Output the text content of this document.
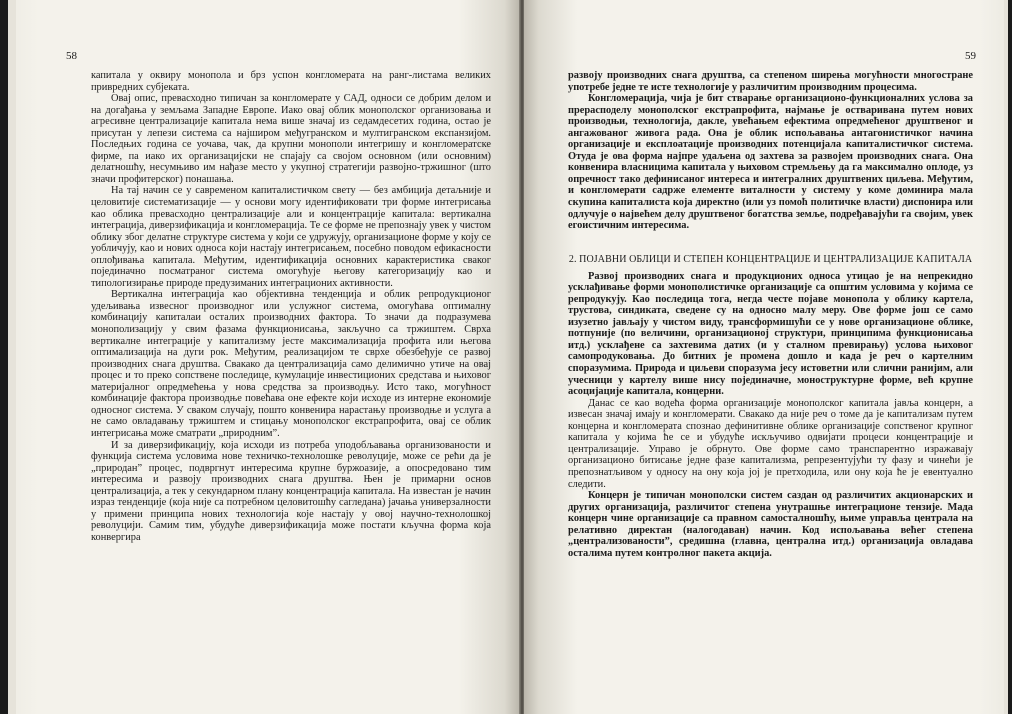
58

капитала у оквиру монопола и брз успон конгломерата на ранг-листама великих привредних субјеката.

Овај опис, превасходно типичан за конгломерате у САД, односи се добрим делом и на догађања у земљама Западне Европе. Иако овај облик монополског организовања и агресивне централизације капитала нема више значај из седамдесетих година, остао је присутан у лепези система са најширом међугранском и мултигранском експанзијом. Последњих година се уочава, чак, да крупни монополи интегришу и конгломератске фирме, па иако их организацијски не спајају са својом основном (или основним) делатношћу, несумњиво им нађазе место у укупној стратегији развојно-тржишног (што значи профитерског) понашања.

На тај начин се у савременом капиталистичком свету — без амбиција детаљније и целовитије систематизације — у основи могу идентификовати три форме интегрисања као облика превасходно централизације али и концентрације капитала: вертикална интеграција, диверзификација и конгломерација. Те се форме не препознају увек у чистом облику због делатне структуре система у који се удружују, организационе форме у коју се уобличују, као и нових односа који настају интегрисањем, посебно поводом ефикасности оплођивања капитала. Међутим, идентификација основних карактеристика сваког појединачно посматраног система омогућује његову категоризацију као и типологизирање природе предузиманих интеграционих активности.

Вертикална интеграција као објективна тенденција и облик репродукционог удељивања извесног производног или услужног система, омогућава оптималну комбинацију капиталаи осталих производних фактора. То значи да подразумева монополизацију у свим фазама функционисања, закључно са тржиштем. Сврха вертикалне интеграције у капитализму јесте максимализација профита или његова оптимализација на дуги рок. Међутим, реализацијом те сврхе обезбеђује се развој производних снага друштва. Свакако да централизација само делимично утиче на овај процес и то преко сопствене последице, кумулације инвестиционих средстава и њиховог материјалног опредмећења у нова средства за производњу. Исто тако, могућност комбинације фактора производње повећава оне ефекте који исходе из интерне економије односног система. У сваком случају, пошто конвенира нарастању производње и услуга а не само овладавању тржиштем и стицању монополског екстрапрофита, овај се облик интегрисања може сматрати „природним”.

И за диверзификацију, која исходи из потреба уподобљавања организованости и функција система условима нове техничко-технолошке револуције, може се рећи да је „природан” процес, подвргнут интересима крупне буржоазије, а опосредовано тим интересима и развоју производних снага друштва. Њен је примарни основ централизација, а тек у секундарном плану концентрација капитала. На известан је начин израз тенденције (која није са потребном целовитошћу сагледана) јачања универзалности у примени принципа нових технологија које настају у овој научно-технолошкој револуцији. Самим тим, убудуће диверзификација може постати кључна форма која конвергира

59

развоју производних снага друштва, са степеном ширења могућности многостране употребе једне те исте технологије у различитим производним процесима.

Конгломерација, чија је бит стварање организационо-функционалних услова за прерасподелу монополског екстрапрофита, најмање је остваривана путем нових производњи, технологија, дакле, увећањем ефектима опредмећеног друштвеног и ангажованог живога рада. Она је облик испољавања антагонистичког начина организације и експлоатације производних потенцијала капиталистичког система. Отуда је ова форма најпре удаљена од захтева за развојем производних снага. Она конвенира власницима капитала у њиховом стремљењу да га максимално оплоде, уз опречност тако дефинисаног интереса и интегралних друштвених циљева. Међутим, и конгломерати садрже елементе виталности у систему у коме доминира мала скупина капиталиста која директно (или уз помоћ политичке власти) диспонира или одлучује о највећем делу друштвеног богатства земље, подређавајући га својим, увек егоистичним интересима.

2. ПОЈАВНИ ОБЛИЦИ И СТЕПЕН КОНЦЕНТРАЦИЈЕ И ЦЕНТРАЛИЗАЦИЈЕ КАПИТАЛА

Развој производних снага и продукционих односа утицао је на непрекидно усклађивање форми монополистичке организације са општим условима у којима се репродукују. Као последица тога, негда честе појаве монопола у облику картела, трустова, синдиката, сведене су на односно малу меру. Ове форме још се само изузетно јављају у чистом виду, трансформишући се у нове организационе облике, потпуније (по величини, организационој структури, принципима функционисања итд.) усклађене са захтевима датих (и у сталном превирању) услова њиховог самопродуковања. До битних је промена дошло и када је реч о картелним споразумима. Природа и циљеви споразума јесу истоветни или слични ранијим, али учесници у картелу више нису појединачне, моноструктурне форме, већ крупне асоцијације капитала, концерни.

Данас се као водећа форма организације монополског капитала јавља концерн, а извесан значај имају и конгломерати. Свакако да није реч о томе да је капитализам путем концерна и конгломерата спознао дефинитивне облике организације сопственог крупног капитала у којима ће се и убудуће искључиво одвијати процеси концентрације и централизације. Управо је обрнуто. Ове форме само транспарентно изражавају организационо битисање једне фазе капитализма, репрезентујући ту фазу и чинећи је препознатљивом у односу на ону која јој је претходила, или ону која ће је евентуално следити.

Концерн је типичан монополски систем саздан од различитих акционарских и других организација, различитог степена унутрашње интеграционе тензије. Мада концерн чине организације са правном самосталношћу, њиме управља централа на релативно директан (налогодаван) начин. Код испољавања већег степена „централизованости”, средишна (главна, централна итд.) организација овладава осталима путем контролног пакета акција.
